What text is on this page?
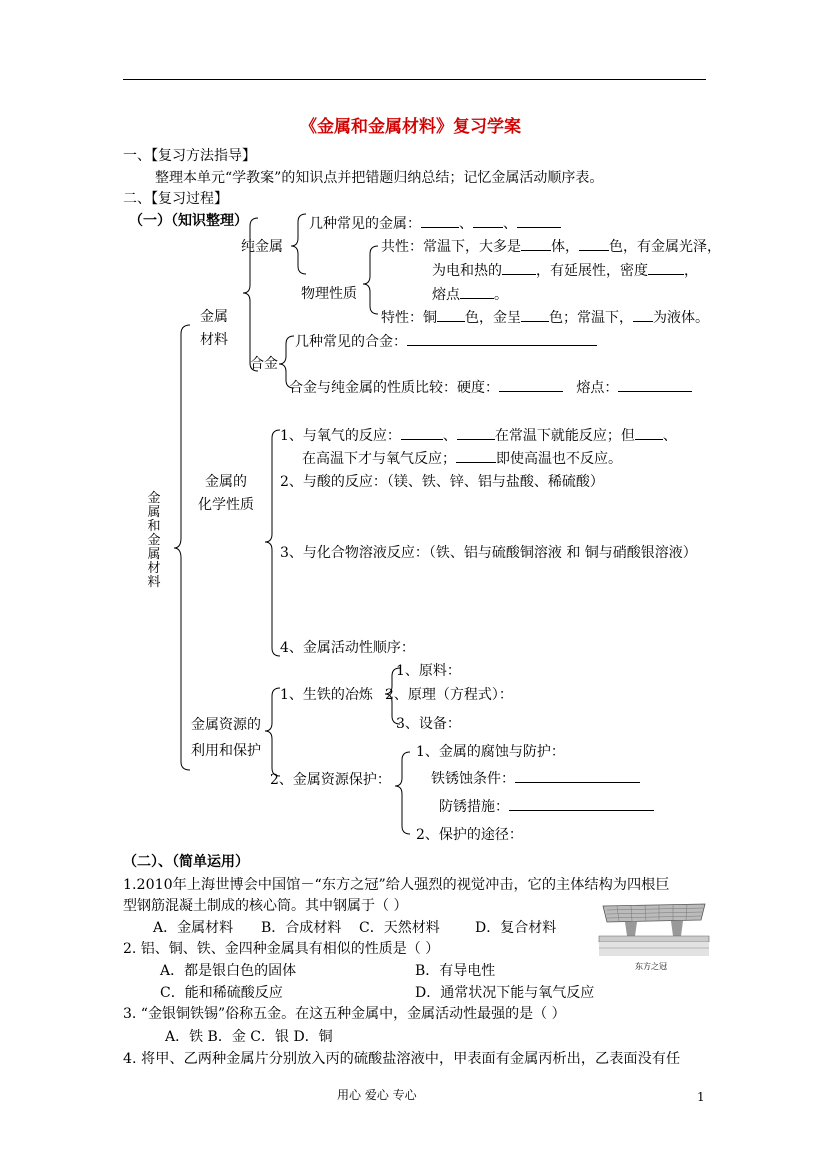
《金属和金属材料》复习学案
一、【复习方法指导】
整理本单元“学教案”的知识点并把错题归纳总结；记忆金属活动顺序表。
二、【复习过程】
（一）（知识整理）
金属和金属材料
金属
材料
纯金属
几种常见的金属：	、 、
物理性质
共性：常温下，大多是 体， 色，有金属光泽，
为电和热的 ，有延展性，密度	，
熔点 。
特性：铜 色，金呈 色；常温下， 为液体。
合金
几种常见的合金：
合金与纯金属的性质比较：硬度：	熔点：
金属的
化学性质
1、与氧气的反应：	、	在常温下就能反应；但 、
在高温下才与氧气反应；	即使高温也不反应。
2、与酸的反应：（镁、铁、锌、铝与盐酸、稀硫酸）
3、与化合物溶液反应：（铁、铝与硫酸铜溶液 和 铜与硝酸银溶液）
4、金属活动性顺序：
金属资源的
利用和保护
1、生铁的冶炼
1、原料：
2、原理（方程式）：
3、设备：
2、金属资源保护：
1、金属的腐蚀与防护：
铁锈蚀条件：
防锈措施：
2、保护的途径：
（二）、（简单运用）
1.2010年上海世博会中国馆－“东方之冠”给人强烈的视觉冲击，它的主体结构为四根巨
型钢筋混凝土制成的核心筒。其中钢属于（ ）
A．金属材料 B．合成材料 C．天然材料	D．复合材料
东方之冠
2. 铝、铜、铁、金四种金属具有相似的性质是（ ）
A．都是银白色的固体	B．有导电性
C．能和稀硫酸反应	D．通常状况下能与氧气反应
3. “金银铜铁锡”俗称五金。在这五种金属中，金属活动性最强的是（ ）
A．铁 B．金 C．银 D．铜
4. 将甲、乙两种金属片分别放入丙的硫酸盐溶液中，甲表面有金属丙析出，乙表面没有任
用心 爱心 专心	1
